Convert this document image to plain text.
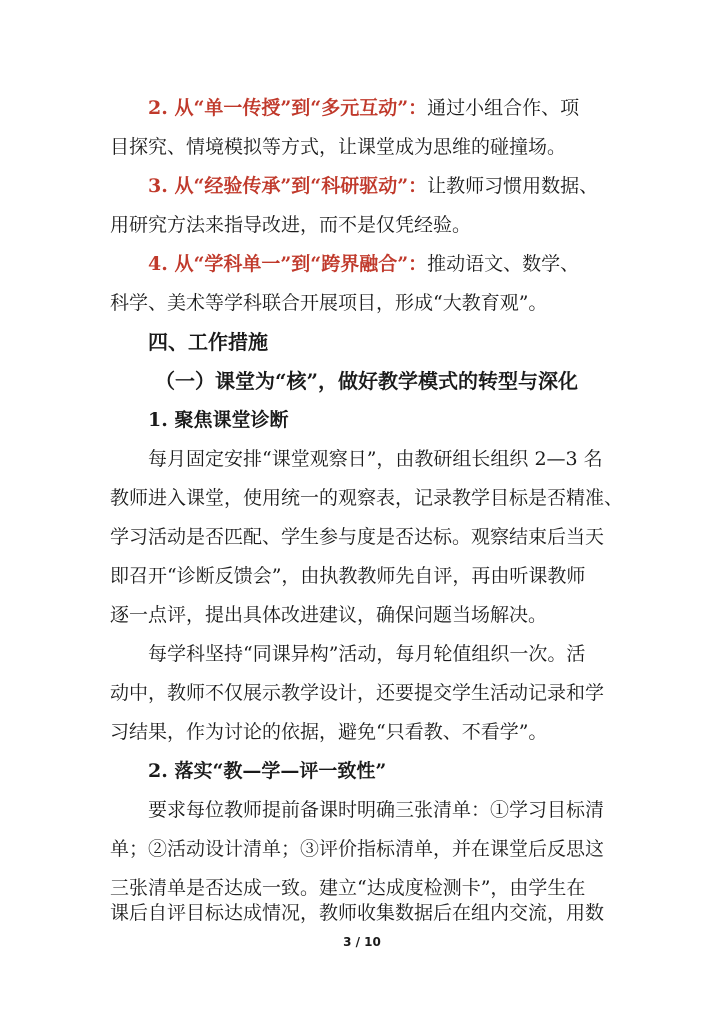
2. 从“单一传授”到“多元互动”：通过小组合作、项
目探究、情境模拟等方式，让课堂成为思维的碰撞场。
3. 从“经验传承”到“科研驱动”：让教师习惯用数据、
用研究方法来指导改进，而不是仅凭经验。
4. 从“学科单一”到“跨界融合”：推动语文、数学、
科学、美术等学科联合开展项目，形成“大教育观”。
四、工作措施
（一）课堂为“核”，做好教学模式的转型与深化
1. 聚焦课堂诊断
每月固定安排“课堂观察日”，由教研组长组织 2—3 名
教师进入课堂，使用统一的观察表，记录教学目标是否精准、
学习活动是否匹配、学生参与度是否达标。观察结束后当天
即召开“诊断反馈会”，由执教教师先自评，再由听课教师
逐一点评，提出具体改进建议，确保问题当场解决。
每学科坚持“同课异构”活动，每月轮值组织一次。活
动中，教师不仅展示教学设计，还要提交学生活动记录和学
习结果，作为讨论的依据，避免“只看教、不看学”。
2. 落实“教—学—评一致性”
要求每位教师提前备课时明确三张清单：①学习目标清
单；②活动设计清单；③评价指标清单，并在课堂后反思这
三张清单是否达成一致。建立“达成度检测卡”，由学生在
课后自评目标达成情况，教师收集数据后在组内交流，用数
3 / 10
